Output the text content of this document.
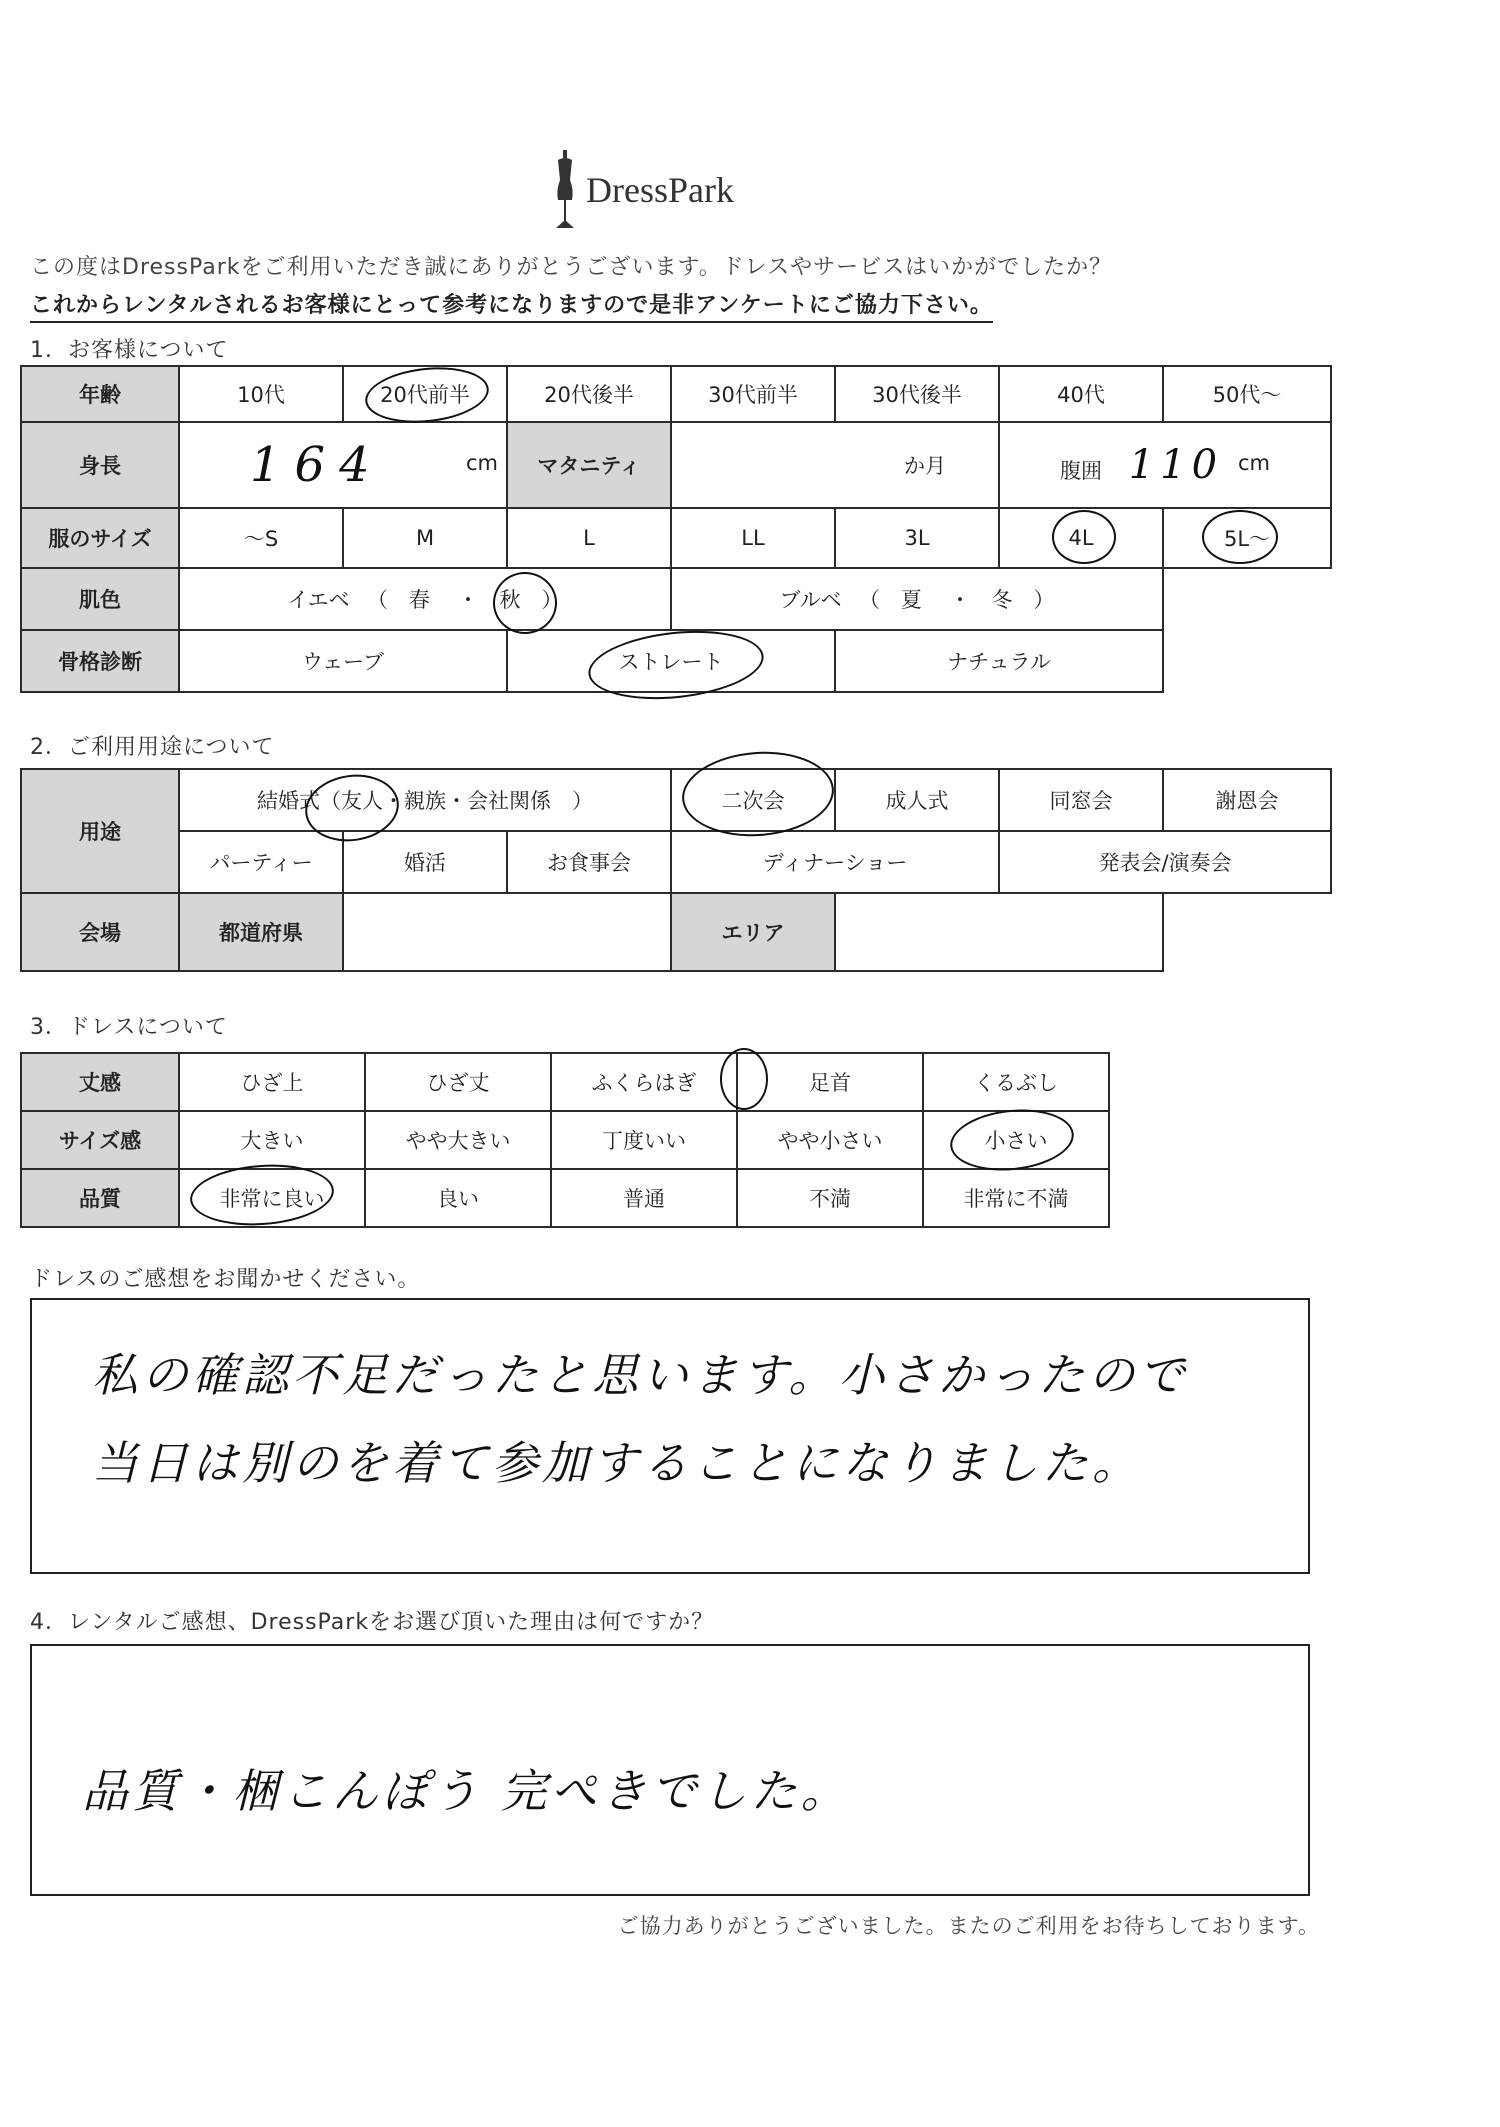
DressPark
この度はDressParkをご利用いただき誠にありがとうございます。ドレスやサービスはいかがでしたか？
これからレンタルされるお客様にとって参考になりますので是非アンケートにご協力下さい。
1．お客様について
年齢	10代	20代前半	20代後半	30代前半	30代後半	40代	50代～
身長	164 cm		マタニティ	か月		腹囲 110 cm	

服のサイズ	～S	M	L	LL	3L	4L	5L～
肌色	イエベ 　（　春 　・　秋　）			ブルベ 　（　夏 　・　冬　）			
骨格診断	ウェーブ		ストレート		ナチュラル		
2．ご利用用途について
用途	結婚式（友人・親族・会社関係　）			二次会	成人式	同窓会	謝恩会
	パーティー	婚活	お食事会	ディナーショー		発表会/演奏会	
会場	都道府県			エリア			
3．ドレスについて
丈感	ひざ上	ひざ丈	ふくらはぎ	足首	くるぶし
サイズ感	大きい	やや大きい	丁度いい	やや小さい	小さい
品質	非常に良い	良い	普通	不満	非常に不満
ドレスのご感想をお聞かせください。
私の確認不足だったと思います。小さかったので
当日は別のを着て参加することになりました。
4．レンタルご感想、DressParkをお選び頂いた理由は何ですか？
品質・梱こんぽう 完ぺきでした。
ご協力ありがとうございました。またのご利用をお待ちしております。
